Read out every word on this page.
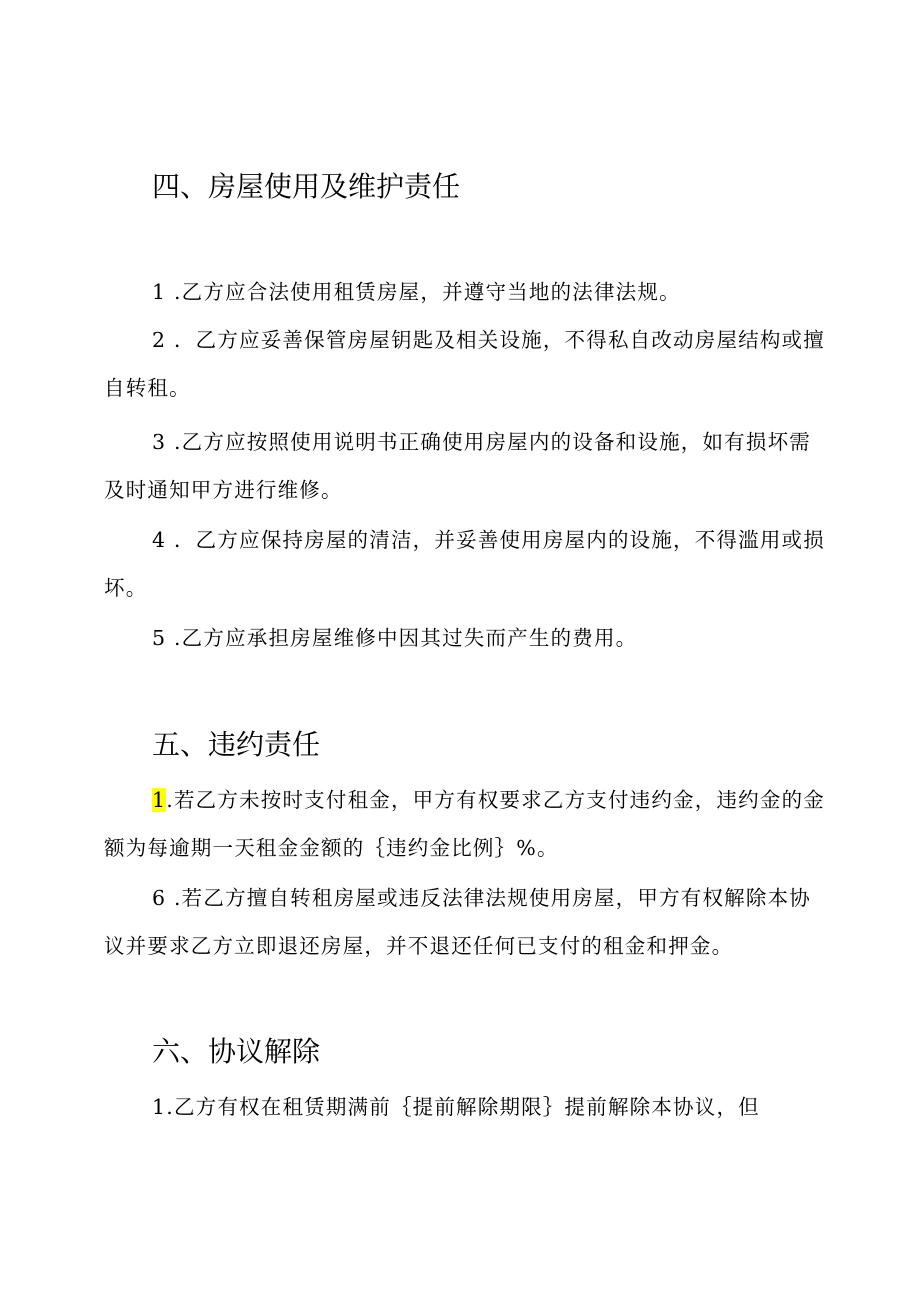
四、房屋使用及维护责任
1 .乙方应合法使用租赁房屋，并遵守当地的法律法规。
2 ．乙方应妥善保管房屋钥匙及相关设施，不得私自改动房屋结构或擅
自转租。
3 .乙方应按照使用说明书正确使用房屋内的设备和设施，如有损坏需
及时通知甲方进行维修。
4 ．乙方应保持房屋的清洁，并妥善使用房屋内的设施，不得滥用或损
坏。
5 .乙方应承担房屋维修中因其过失而产生的费用。
五、违约责任
1.若乙方未按时支付租金，甲方有权要求乙方支付违约金，违约金的金
额为每逾期一天租金金额的｛违约金比例｝%。
6 .若乙方擅自转租房屋或违反法律法规使用房屋，甲方有权解除本协
议并要求乙方立即退还房屋，并不退还任何已支付的租金和押金。
六、协议解除
1.乙方有权在租赁期满前｛提前解除期限｝提前解除本协议，但
